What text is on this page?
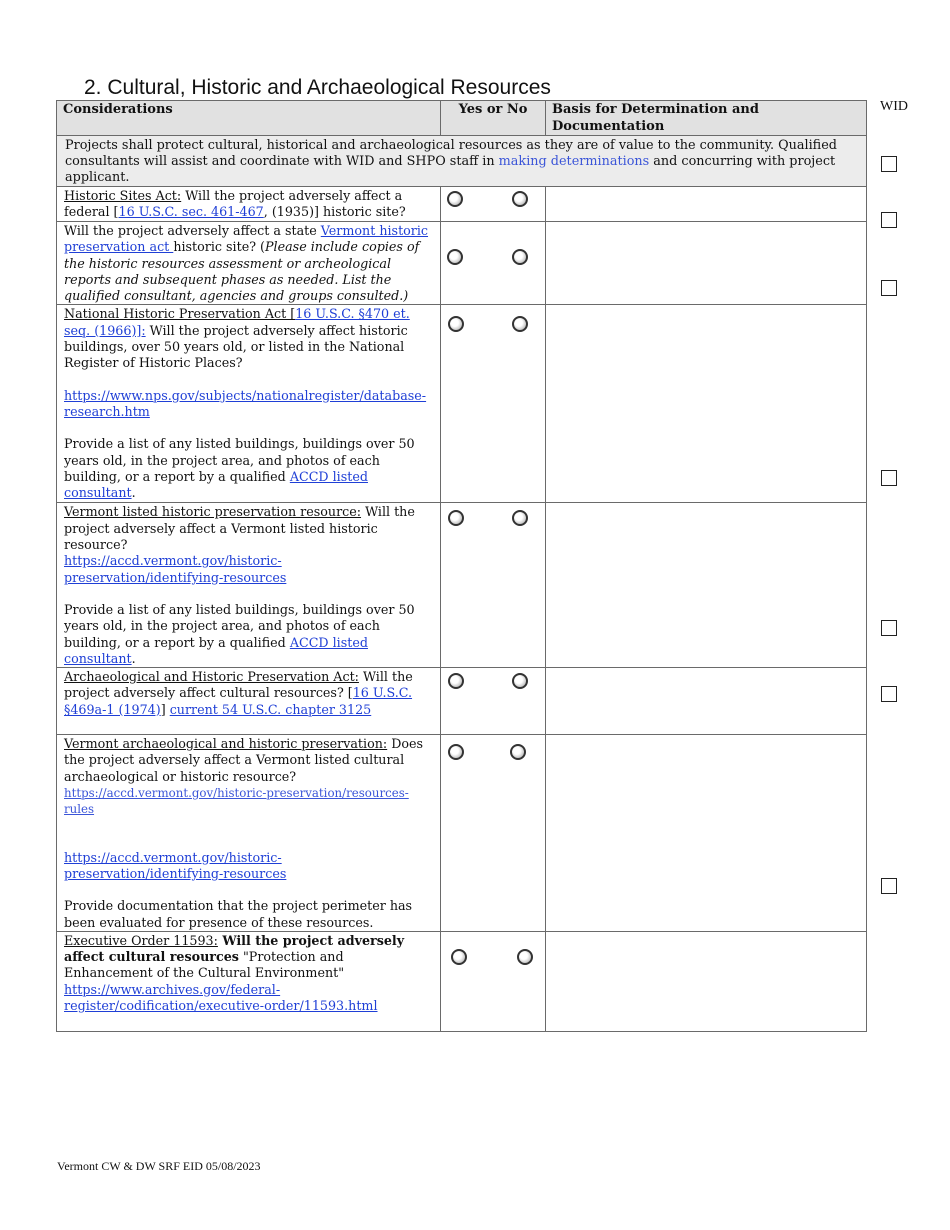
2. Cultural, Historic and Archaeological Resources
WID
Considerations	Yes or No	Basis for Determination and Documentation
Projects shall protect cultural, historical and archaeological resources as they are of value to the community. Qualified consultants will assist and coordinate with WID and SHPO staff in making determinations and concurring with project applicant.		
Historic Sites Act: Will the project adversely affect a federal [16 U.S.C. sec. 461-467, (1935)] historic site?	

Will the project adversely affect a state Vermont historic preservation act historic site? (Please include copies of the historic resources assessment or archeological reports and subsequent phases as needed. List the qualified consultant, agencies and groups consulted.)	

National Historic Preservation Act [16 U.S.C. §470 et. seq. (1966)]: Will the project adversely affect historic buildings, over 50 years old, or listed in the National Register of Historic Places?

https://www.nps.gov/subjects/nationalregister/database-research.htm

Provide a list of any listed buildings, buildings over 50 years old, in the project area, and photos of each building, or a report by a qualified ACCD listed consultant.		

Vermont listed historic preservation resource: Will the project adversely affect a Vermont listed historic resource?

https://accd.vermont.gov/historic-preservation/identifying-resources

Provide a list of any listed buildings, buildings over 50 years old, in the project area, and photos of each building, or a report by a qualified ACCD listed consultant.		

Archaeological and Historic Preservation Act: Will the project adversely affect cultural resources? [16 U.S.C. §469a-1 (1974)] current 54 U.S.C. chapter 3125	

Vermont archaeological and historic preservation: Does the project adversely affect a Vermont listed cultural archaeological or historic resource?

https://accd.vermont.gov/historic-preservation/resources-rules

https://accd.vermont.gov/historic-preservation/identifying-resources

Provide documentation that the project perimeter has been evaluated for presence of these resources.		

Executive Order 11593: Will the project adversely affect cultural resources "Protection and Enhancement of the Cultural Environment"

https://www.archives.gov/federal-register/codification/executive-order/11593.html		

Vermont CW & DW SRF EID 05/08/2023
